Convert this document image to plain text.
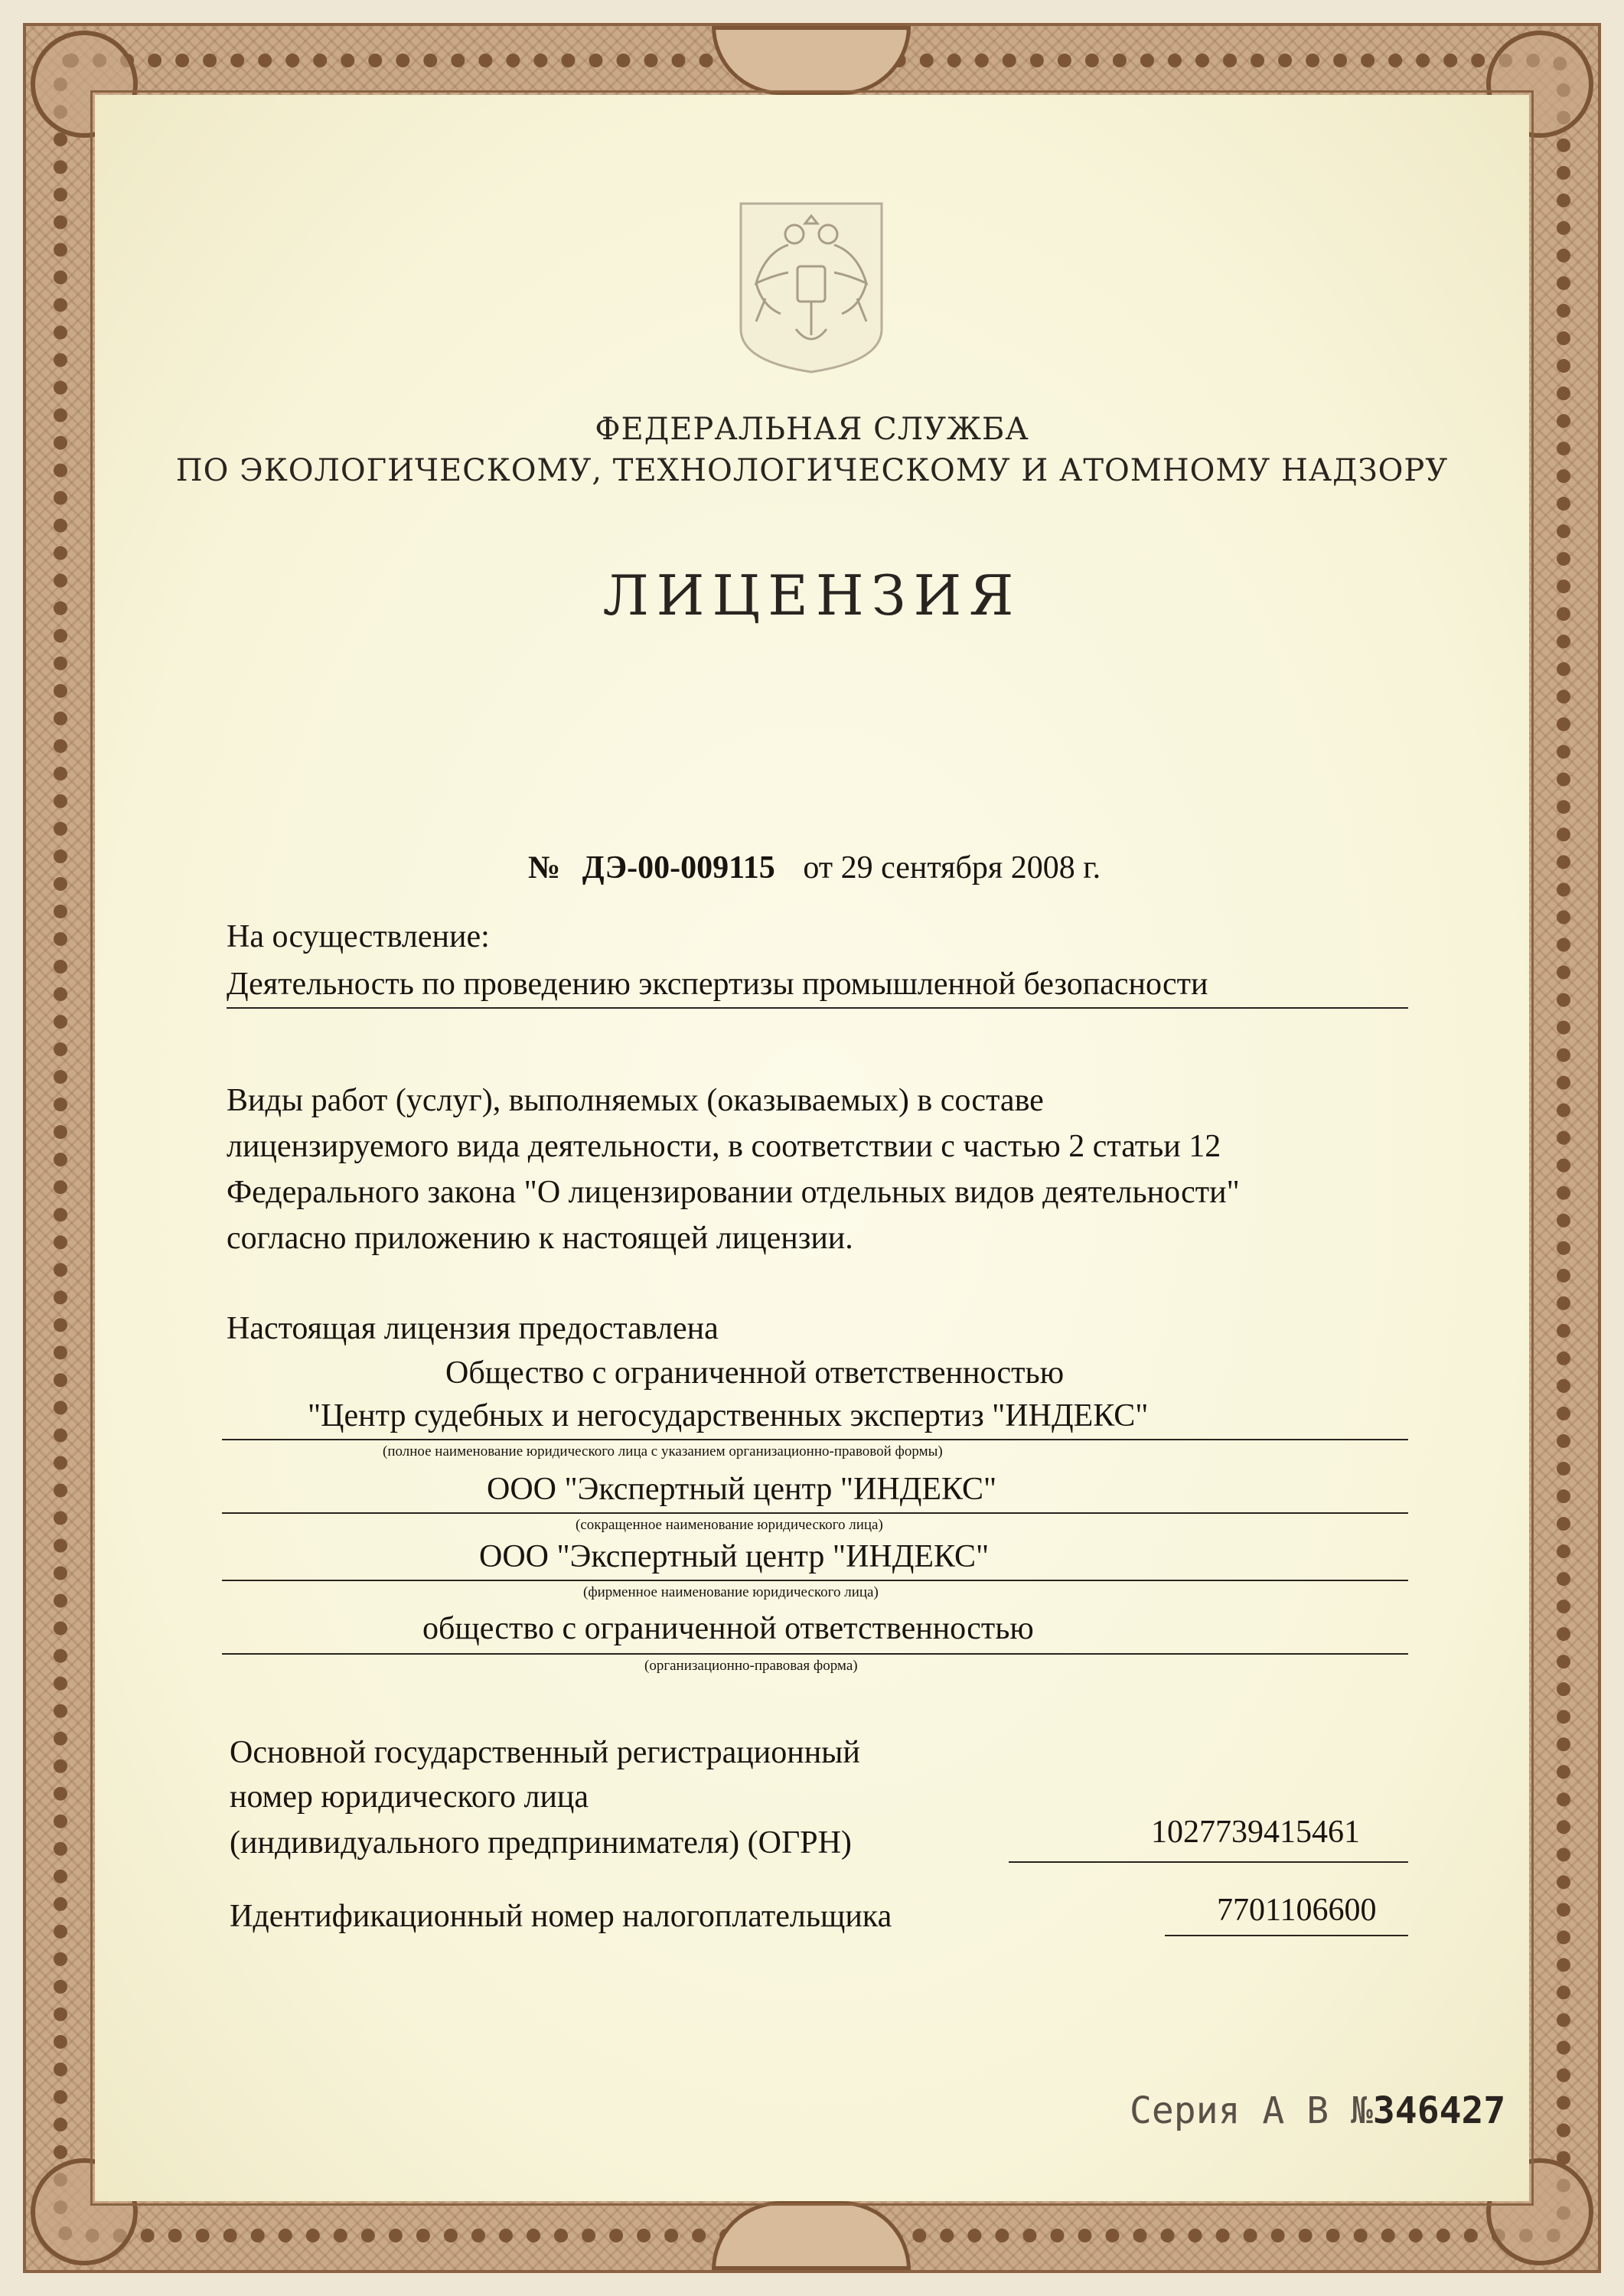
ФЕДЕРАЛЬНАЯ СЛУЖБА
ПО ЭКОЛОГИЧЕСКОМУ, ТЕХНОЛОГИЧЕСКОМУ И АТОМНОМУ НАДЗОРУ
ЛИЦЕНЗИЯ
№ ДЭ-00-009115 от 29 сентября 2008 г.
На осуществление:
Деятельность по проведению экспертизы промышленной безопасности
Виды работ (услуг), выполняемых (оказываемых) в составе
лицензируемого вида деятельности, в соответствии с частью 2 статьи 12
Федерального закона "О лицензировании отдельных видов деятельности"
согласно приложению к настоящей лицензии.
Настоящая лицензия предоставлена
Общество с ограниченной ответственностью
"Центр судебных и негосударственных экспертиз "ИНДЕКС"
(полное наименование юридического лица с указанием организационно-правовой формы)
ООО "Экспертный центр "ИНДЕКС"
(сокращенное наименование юридического лица)
ООО "Экспертный центр "ИНДЕКС"
(фирменное наименование юридического лица)
общество с ограниченной ответственностью
(организационно-правовая форма)
Основной государственный регистрационный
номер юридического лица
(индивидуального предпринимателя) (ОГРН)	1027739415461
Идентификационный номер налогоплательщика	7701106600
Серия А В №346427
